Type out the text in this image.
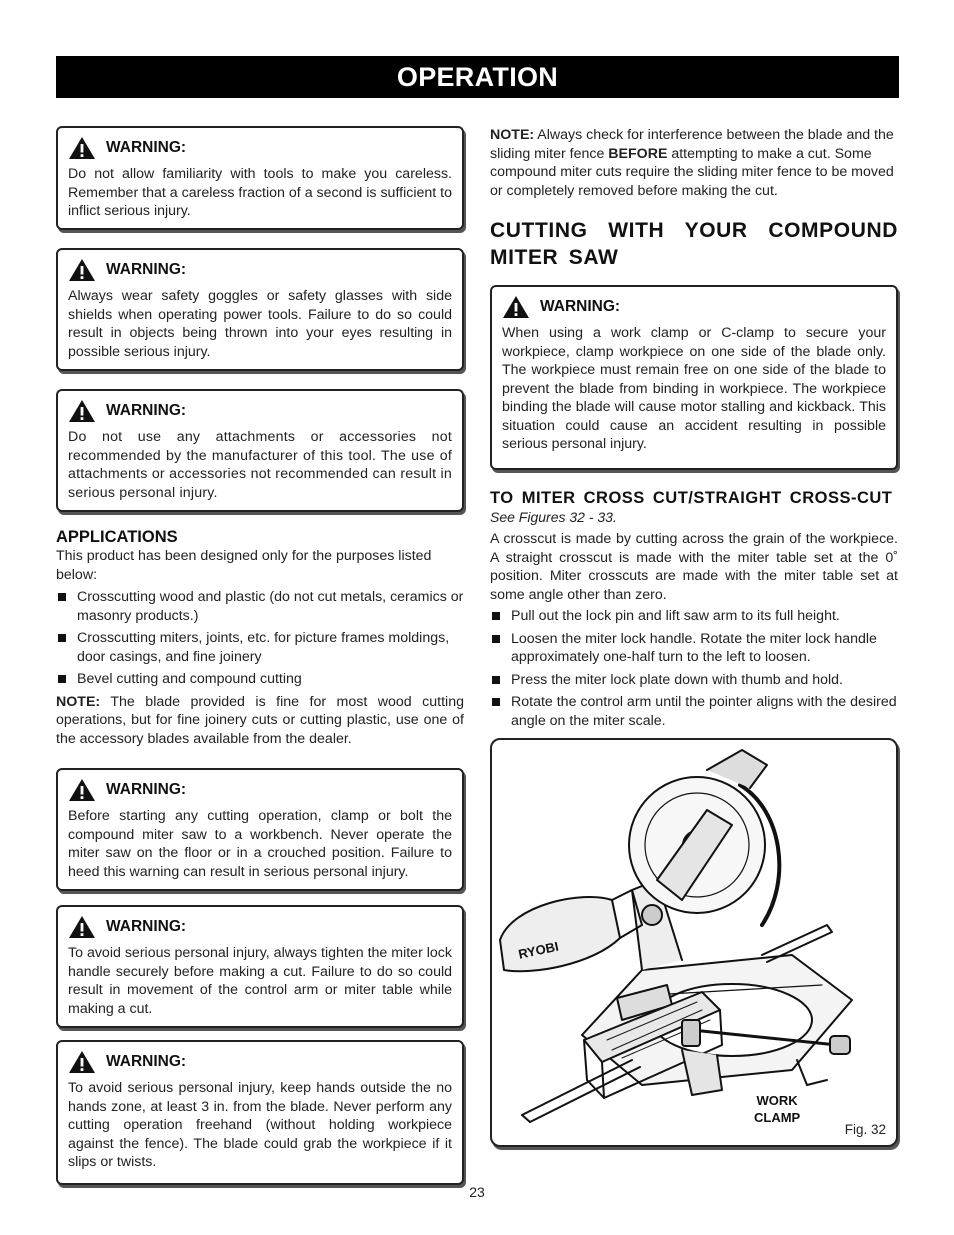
OPERATION
WARNING:
Do not allow familiarity with tools to make you careless. Remember that a careless fraction of a second is sufficient to inflict serious injury.
WARNING:
Always wear safety goggles or safety glasses with side shields when operating power tools. Failure to do so could result in objects being thrown into your eyes resulting in possible serious injury.
WARNING:
Do not use any attachments or accessories not recommended by the manufacturer of this tool. The use of attachments or accessories not recommended can result in serious personal injury.
APPLICATIONS
This product has been designed only for the purposes listed below:
Crosscutting wood and plastic (do not cut metals, ceramics or masonry products.)
Crosscutting miters, joints, etc. for picture frames moldings, door casings, and fine joinery
Bevel cutting and compound cutting
NOTE: The blade provided is fine for most wood cutting operations, but for fine joinery cuts or cutting plastic, use one of the accessory blades available from the dealer.
WARNING:
Before starting any cutting operation, clamp or bolt the compound miter saw to a workbench. Never operate the miter saw on the floor or in a crouched position. Failure to heed this warning can result in serious personal injury.
WARNING:
To avoid serious personal injury, always tighten the miter lock handle securely before making a cut. Failure to do so could result in movement of the control arm or miter table while making a cut.
WARNING:
To avoid serious personal injury, keep hands outside the no hands zone, at least 3 in. from the blade. Never perform any cutting operation freehand (without holding workpiece against the fence). The blade could grab the workpiece if it slips or twists.
NOTE: Always check for interference between the blade and the sliding miter fence BEFORE attempting to make a cut. Some compound miter cuts require the sliding miter fence to be moved or completely removed before making the cut.
CUTTING WITH YOUR COMPOUND MITER SAW
WARNING:
When using a work clamp or C-clamp to secure your workpiece, clamp workpiece on one side of the blade only. The workpiece must remain free on one side of the blade to prevent the blade from binding in workpiece. The workpiece binding the blade will cause motor stalling and kickback. This situation could cause an accident resulting in possible serious personal injury.
TO MITER CROSS CUT/STRAIGHT CROSS-CUT
See Figures 32 - 33.
A crosscut is made by cutting across the grain of the workpiece. A straight crosscut is made with the miter table set at the 0˚ position. Miter crosscuts are made with the miter table set at some angle other than zero.
Pull out the lock pin and lift saw arm to its full height.
Loosen the miter lock handle. Rotate the miter lock handle approximately one-half turn to the left to loosen.
Press the miter lock plate down with thumb and hold.
Rotate the control arm until the pointer aligns with the desired angle on the miter scale.
RYOBI
WORK
CLAMP
Fig. 32
23
